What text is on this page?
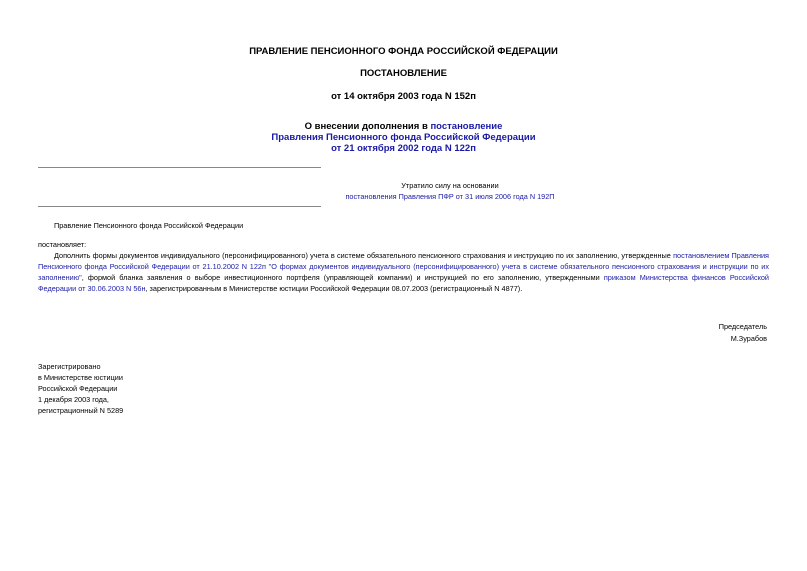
ПРАВЛЕНИЕ ПЕНСИОННОГО ФОНДА РОССИЙСКОЙ ФЕДЕРАЦИИ
ПОСТАНОВЛЕНИЕ
от 14 октября 2003 года N 152п
О внесении дополнения в постановление
Правления Пенсионного фонда Российской Федерации
от 21 октября 2002 года N 122п
Утратило силу на основании
постановления Правления ПФР от 31 июля 2006 года N 192П
Правление Пенсионного фонда Российской Федерации
постановляет:
Дополнить формы документов индивидуального (персонифицированного) учета в системе обязательного пенсионного страхования и инструкцию по их заполнению, утвержденные постановлением Правления Пенсионного фонда Российской Федерации от 21.10.2002 N 122п "О формах документов индивидуального (персонифицированного) учета в системе обязательного пенсионного страхования и инструкции по их заполнению", формой бланка заявления о выборе инвестиционного портфеля (управляющей компании) и инструкцией по его заполнению, утвержденными приказом Министерства финансов Российской Федерации от 30.06.2003 N 56н, зарегистрированным в Министерстве юстиции Российской Федерации 08.07.2003 (регистрационный N 4877).
Председатель
М.Зурабов
Зарегистрировано
в Министерстве юстиции
Российской Федерации
1 декабря 2003 года,
регистрационный N 5289
